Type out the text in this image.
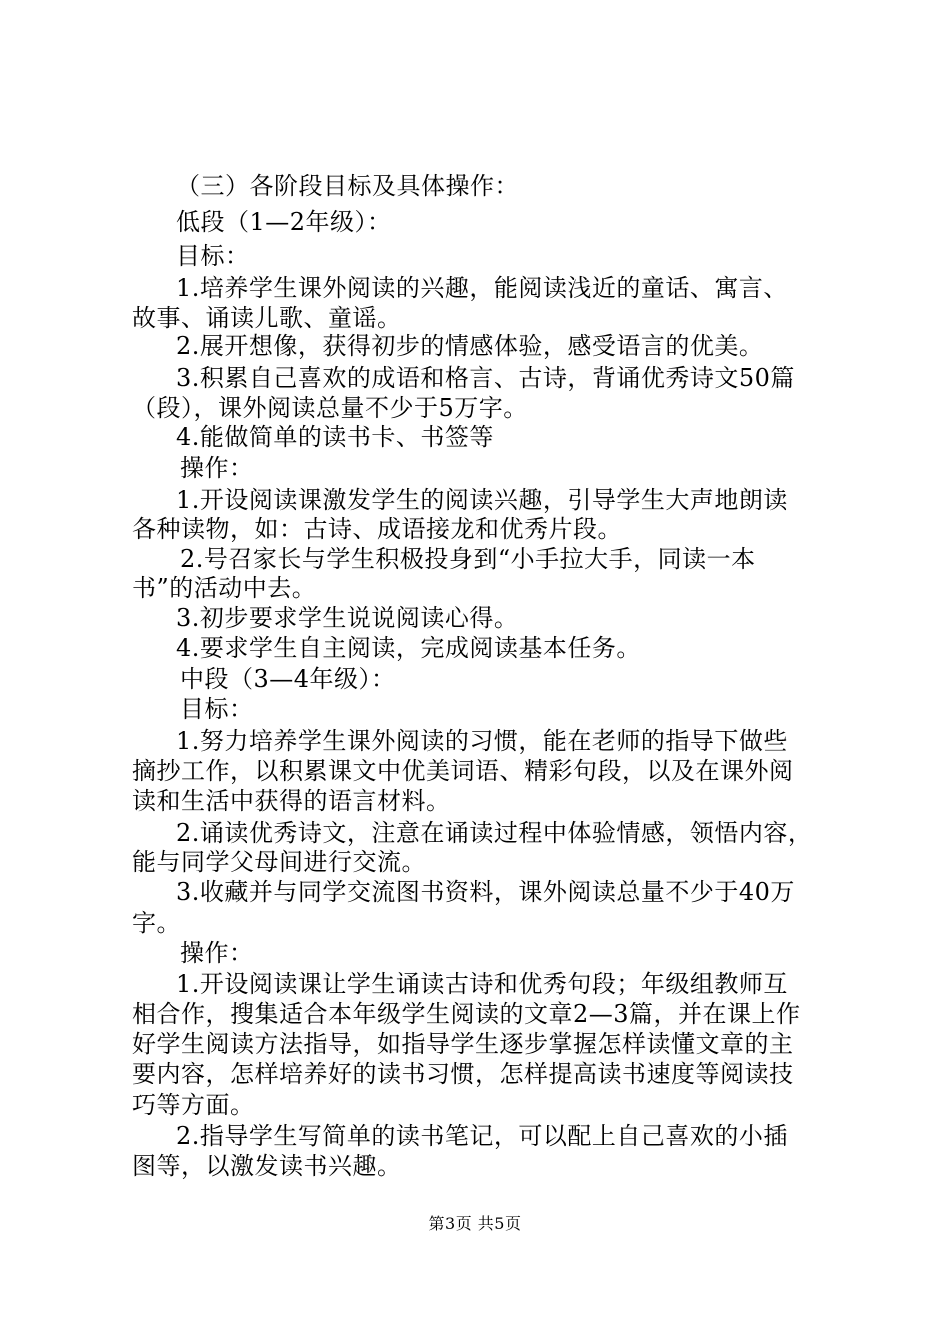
（三）各阶段目标及具体操作：
低段（1—2年级）：
目标：
1.培养学生课外阅读的兴趣，能阅读浅近的童话、寓言、
故事、诵读儿歌、童谣。
2.展开想像，获得初步的情感体验，感受语言的优美。
3.积累自己喜欢的成语和格言、古诗，背诵优秀诗文50篇
（段），课外阅读总量不少于5万字。
4.能做简单的读书卡、书签等
操作：
1.开设阅读课激发学生的阅读兴趣，引导学生大声地朗读
各种读物，如：古诗、成语接龙和优秀片段。
2.号召家长与学生积极投身到“小手拉大手，同读一本
书”的活动中去。
3.初步要求学生说说阅读心得。
4.要求学生自主阅读，完成阅读基本任务。
中段（3—4年级）：
目标：
1.努力培养学生课外阅读的习惯，能在老师的指导下做些
摘抄工作，以积累课文中优美词语、精彩句段，以及在课外阅
读和生活中获得的语言材料。
2.诵读优秀诗文，注意在诵读过程中体验情感，领悟内容，
能与同学父母间进行交流。
3.收藏并与同学交流图书资料，课外阅读总量不少于40万
字。
操作：
1.开设阅读课让学生诵读古诗和优秀句段；年级组教师互
相合作，搜集适合本年级学生阅读的文章2—3篇，并在课上作
好学生阅读方法指导，如指导学生逐步掌握怎样读懂文章的主
要内容，怎样培养好的读书习惯，怎样提高读书速度等阅读技
巧等方面。
2.指导学生写简单的读书笔记，可以配上自己喜欢的小插
图等，以激发读书兴趣。
第3页 共5页
